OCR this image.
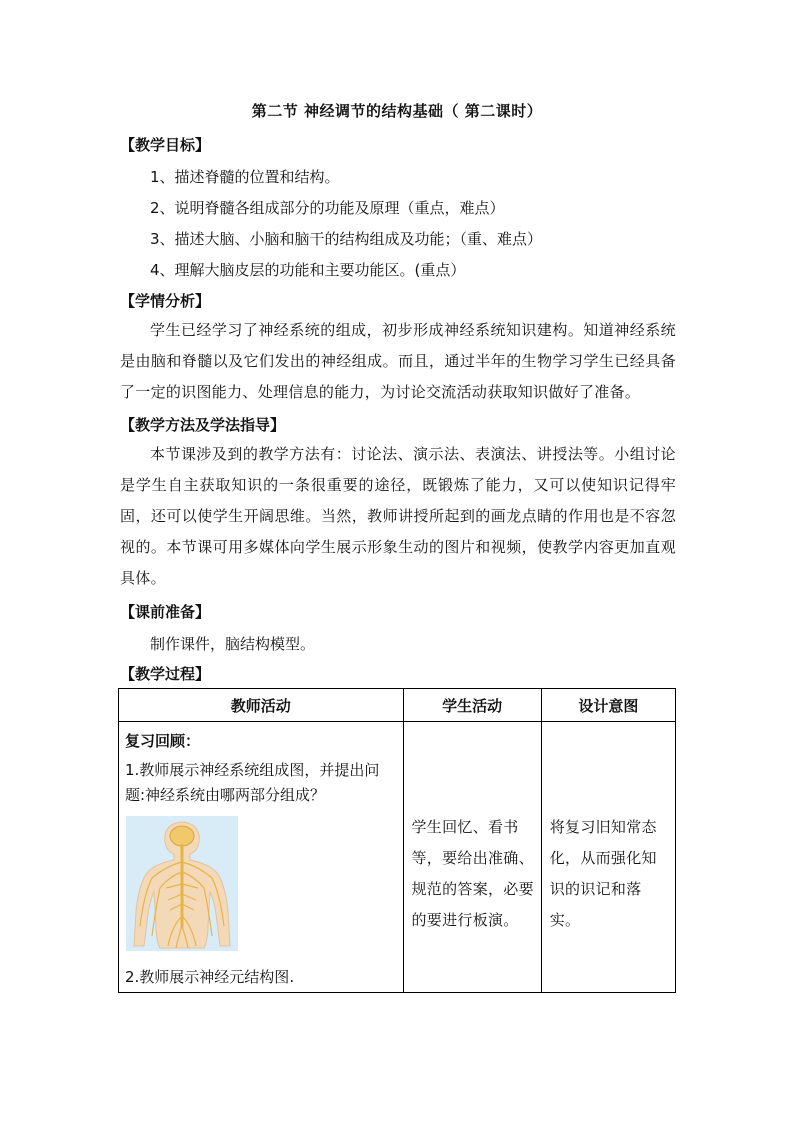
第二节 神经调节的结构基础（ 第二课时）
【教学目标】
1、描述脊髓的位置和结构。
2、说明脊髓各组成部分的功能及原理（重点，难点）
3、描述大脑、小脑和脑干的结构组成及功能；（重、难点）
4、理解大脑皮层的功能和主要功能区。(重点）
【学情分析】
学生已经学习了神经系统的组成，初步形成神经系统知识建构。知道神经系统是由脑和脊髓以及它们发出的神经组成。而且，通过半年的生物学习学生已经具备了一定的识图能力、处理信息的能力，为讨论交流活动获取知识做好了准备。
【教学方法及学法指导】
本节课涉及到的教学方法有：讨论法、演示法、表演法、讲授法等。小组讨论是学生自主获取知识的一条很重要的途径，既锻炼了能力，又可以使知识记得牢固，还可以使学生开阔思维。当然，教师讲授所起到的画龙点睛的作用也是不容忽视的。本节课可用多媒体向学生展示形象生动的图片和视频，使教学内容更加直观具体。
【课前准备】
制作课件，脑结构模型。
【教学过程】
教师活动	学生活动	设计意图

复习回顾：
1.教师展示神经系统组成图，并提出问题:神经系统由哪两部分组成？
2.教师展示神经元结构图.	学生回忆、看书等，要给出准确、规范的答案，必要的要进行板演。	将复习旧知常态化，从而强化知识的识记和落实。
